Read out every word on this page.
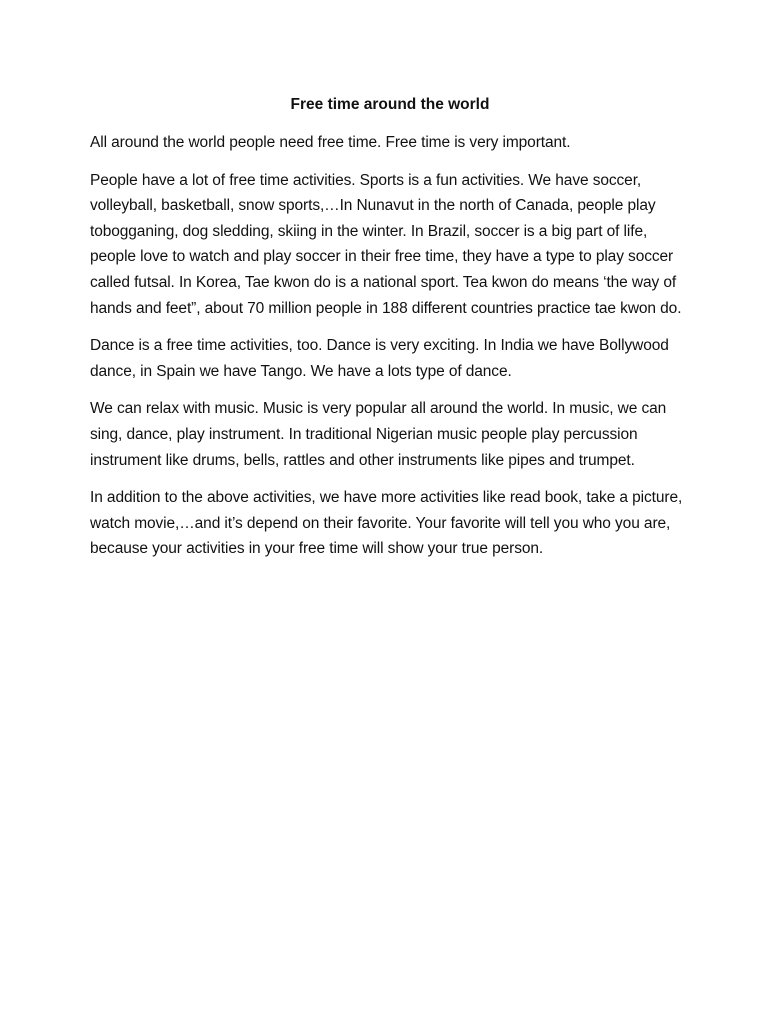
Free time around the world

All around the world people need free time. Free time is very important.

People have a lot of free time activities. Sports is a fun activities. We have soccer, volleyball, basketball, snow sports,…In Nunavut in the north of Canada, people play tobogganing, dog sledding, skiing in the winter. In Brazil, soccer is a big part of life, people love to watch and play soccer in their free time, they have a type to play soccer called futsal. In Korea, Tae kwon do is a national sport. Tea kwon do means ‘the way of hands and feet”, about 70 million people in 188 different countries practice tae kwon do.

Dance is a free time activities, too. Dance is very exciting. In India we have Bollywood dance, in Spain we have Tango. We have a lots type of dance.

We can relax with music. Music is very popular all around the world. In music, we can sing, dance, play instrument. In traditional Nigerian music people play percussion instrument like drums, bells, rattles and other instruments like pipes and trumpet.

In addition to the above activities, we have more activities like read book, take a picture, watch movie,…and it’s depend on their favorite. Your favorite will tell you who you are, because your activities in your free time will show your true person.
